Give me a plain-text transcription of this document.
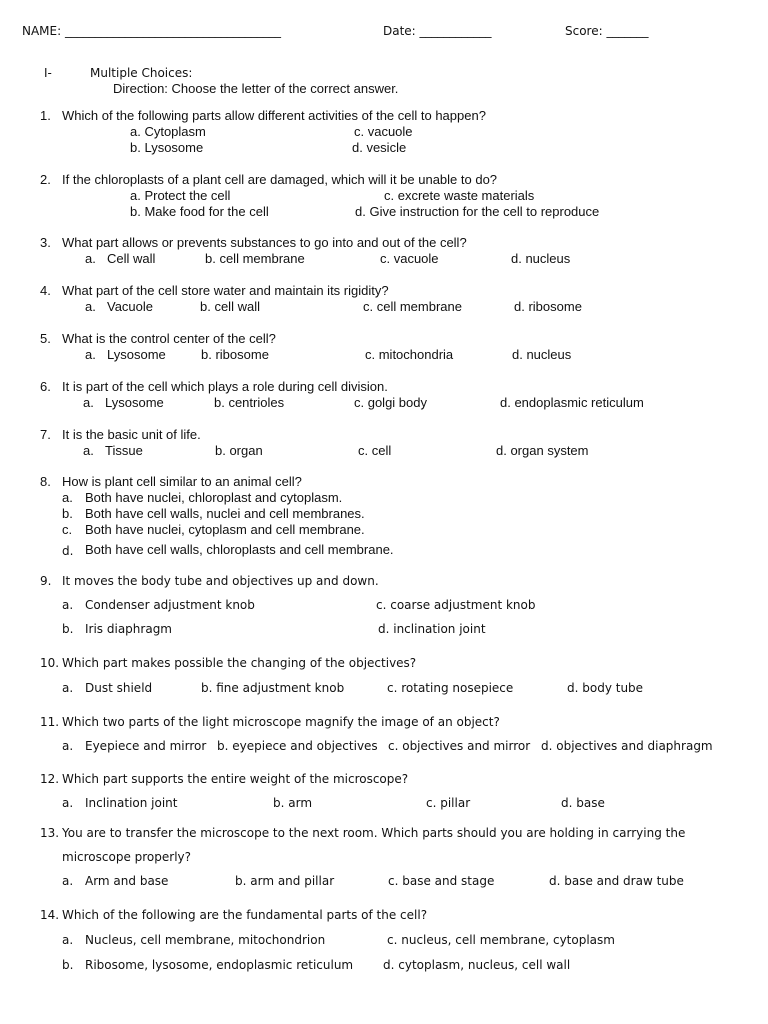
NAME: ____________________________________	Date: ____________	Score: _______
I-	Multiple Choices:
Direction: Choose the letter of the correct answer.
1. Which of the following parts allow different activities of the cell to happen?
a. Cytoplasm	c. vacuole
b. Lysosome	d. vesicle
2. If the chloroplasts of a plant cell are damaged, which will it be unable to do?
a. Protect the cell	c. excrete waste materials
b. Make food for the cell	d. Give instruction for the cell to reproduce
3. What part allows or prevents substances to go into and out of the cell?
a. Cell wall	b. cell membrane	c. vacuole	d. nucleus
4. What part of the cell store water and maintain its rigidity?
a. Vacuole	b. cell wall	c. cell membrane	d. ribosome
5. What is the control center of the cell?
a. Lysosome	b. ribosome	c. mitochondria	d. nucleus
6. It is part of the cell which plays a role during cell division.
a. Lysosome	b. centrioles	c. golgi body	d. endoplasmic reticulum
7. It is the basic unit of life.
a. Tissue	b. organ	c. cell	d. organ system
8. How is plant cell similar to an animal cell?
a. Both have nuclei, chloroplast and cytoplasm.
b. Both have cell walls, nuclei and cell membranes.
c. Both have nuclei, cytoplasm and cell membrane.
d. Both have cell walls, chloroplasts and cell membrane.
9. It moves the body tube and objectives up and down.
a. Condenser adjustment knob	c. coarse adjustment knob
b. Iris diaphragm	d. inclination joint
10. Which part makes possible the changing of the objectives?
a. Dust shield	b. fine adjustment knob	c. rotating nosepiece	d. body tube
11. Which two parts of the light microscope magnify the image of an object?
a. Eyepiece and mirror b. eyepiece and objectives c. objectives and mirror d. objectives and diaphragm
12. Which part supports the entire weight of the microscope?
a. Inclination joint	b. arm	c. pillar	d. base
13. You are to transfer the microscope to the next room. Which parts should you are holding in carrying the
microscope properly?
a. Arm and base	b. arm and pillar	c. base and stage	d. base and draw tube
14. Which of the following are the fundamental parts of the cell?
a. Nucleus, cell membrane, mitochondrion	c. nucleus, cell membrane, cytoplasm
b. Ribosome, lysosome, endoplasmic reticulum d. cytoplasm, nucleus, cell wall
